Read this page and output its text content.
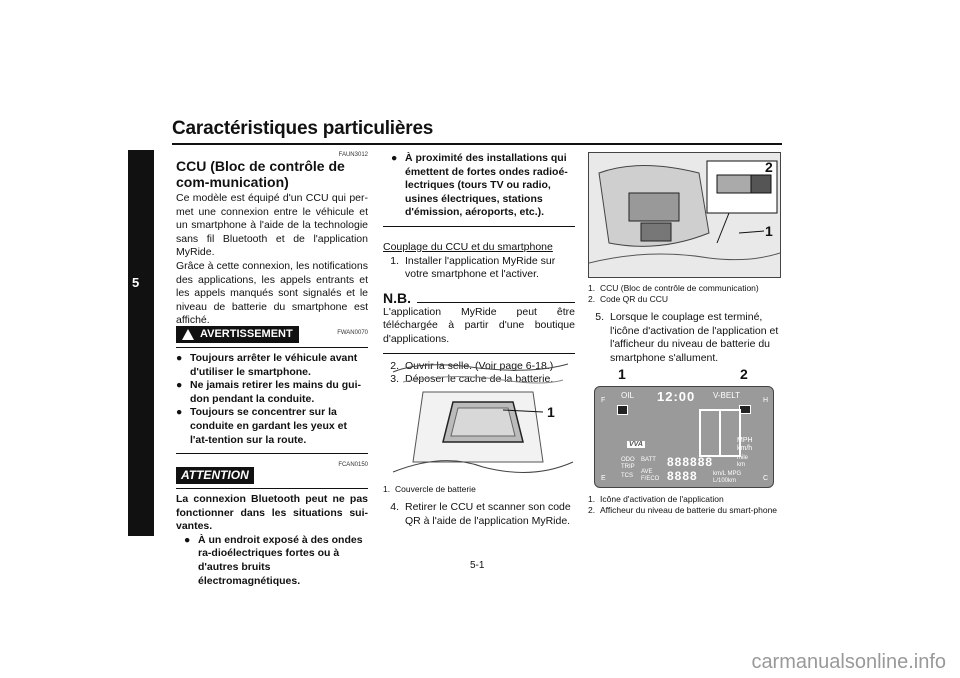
Caractéristiques particulières
5
FAUN3012
CCU (Bloc de contrôle de com-munication)
Ce modèle est équipé d'un CCU qui per-met une connexion entre le véhicule et un smartphone à l'aide de la technologie sans fil Bluetooth et de l'application MyRide.
Grâce à cette connexion, les notifications des applications, les appels entrants et les appels manqués sont signalés et le niveau de batterie du smartphone est affiché.
FWAN0070
AVERTISSEMENT
● Toujours arrêter le véhicule avant d'utiliser le smartphone.
● Ne jamais retirer les mains du gui-don pendant la conduite.
● Toujours se concentrer sur la conduite en gardant les yeux et l'at-tention sur la route.
FCAN0150
ATTENTION
La connexion Bluetooth peut ne pas fonctionner dans les situations sui-vantes.
● À un endroit exposé à des ondes ra-dioélectriques fortes ou à d'autres bruits électromagnétiques.
● À proximité des installations qui émettent de fortes ondes radioé-lectriques (tours TV ou radio, usines électriques, stations d'émission, aéroports, etc.).
Couplage du CCU et du smartphone
1. Installer l'application MyRide sur votre smartphone et l'activer.
N.B.
L'application MyRide peut être téléchargée à partir d'une boutique d'applications.
2. Ouvrir la selle. (Voir page 6-18.)
3. Déposer le cache de la batterie.
1
1. Couvercle de batterie
4. Retirer le CCU et scanner son code QR à l'aide de l'application MyRide.
2
1
1. CCU (Bloc de contrôle de communication)
2. Code QR du CCU
5. Lorsque le couplage est terminé, l'icône d'activation de l'application et l'afficheur du niveau de batterie du smartphone s'allument.
1	2
OIL 12:00 V-BELT
F
E
H
C
VVA
MPH
km/h
ODO
TRIP
BATT 888888	mile
km
TCS
AVE
F/ECO 8888	km/L MPG
L/100km
1. Icône d'activation de l'application
2. Afficheur du niveau de batterie du smart-phone
5-1
carmanualsonline.info
